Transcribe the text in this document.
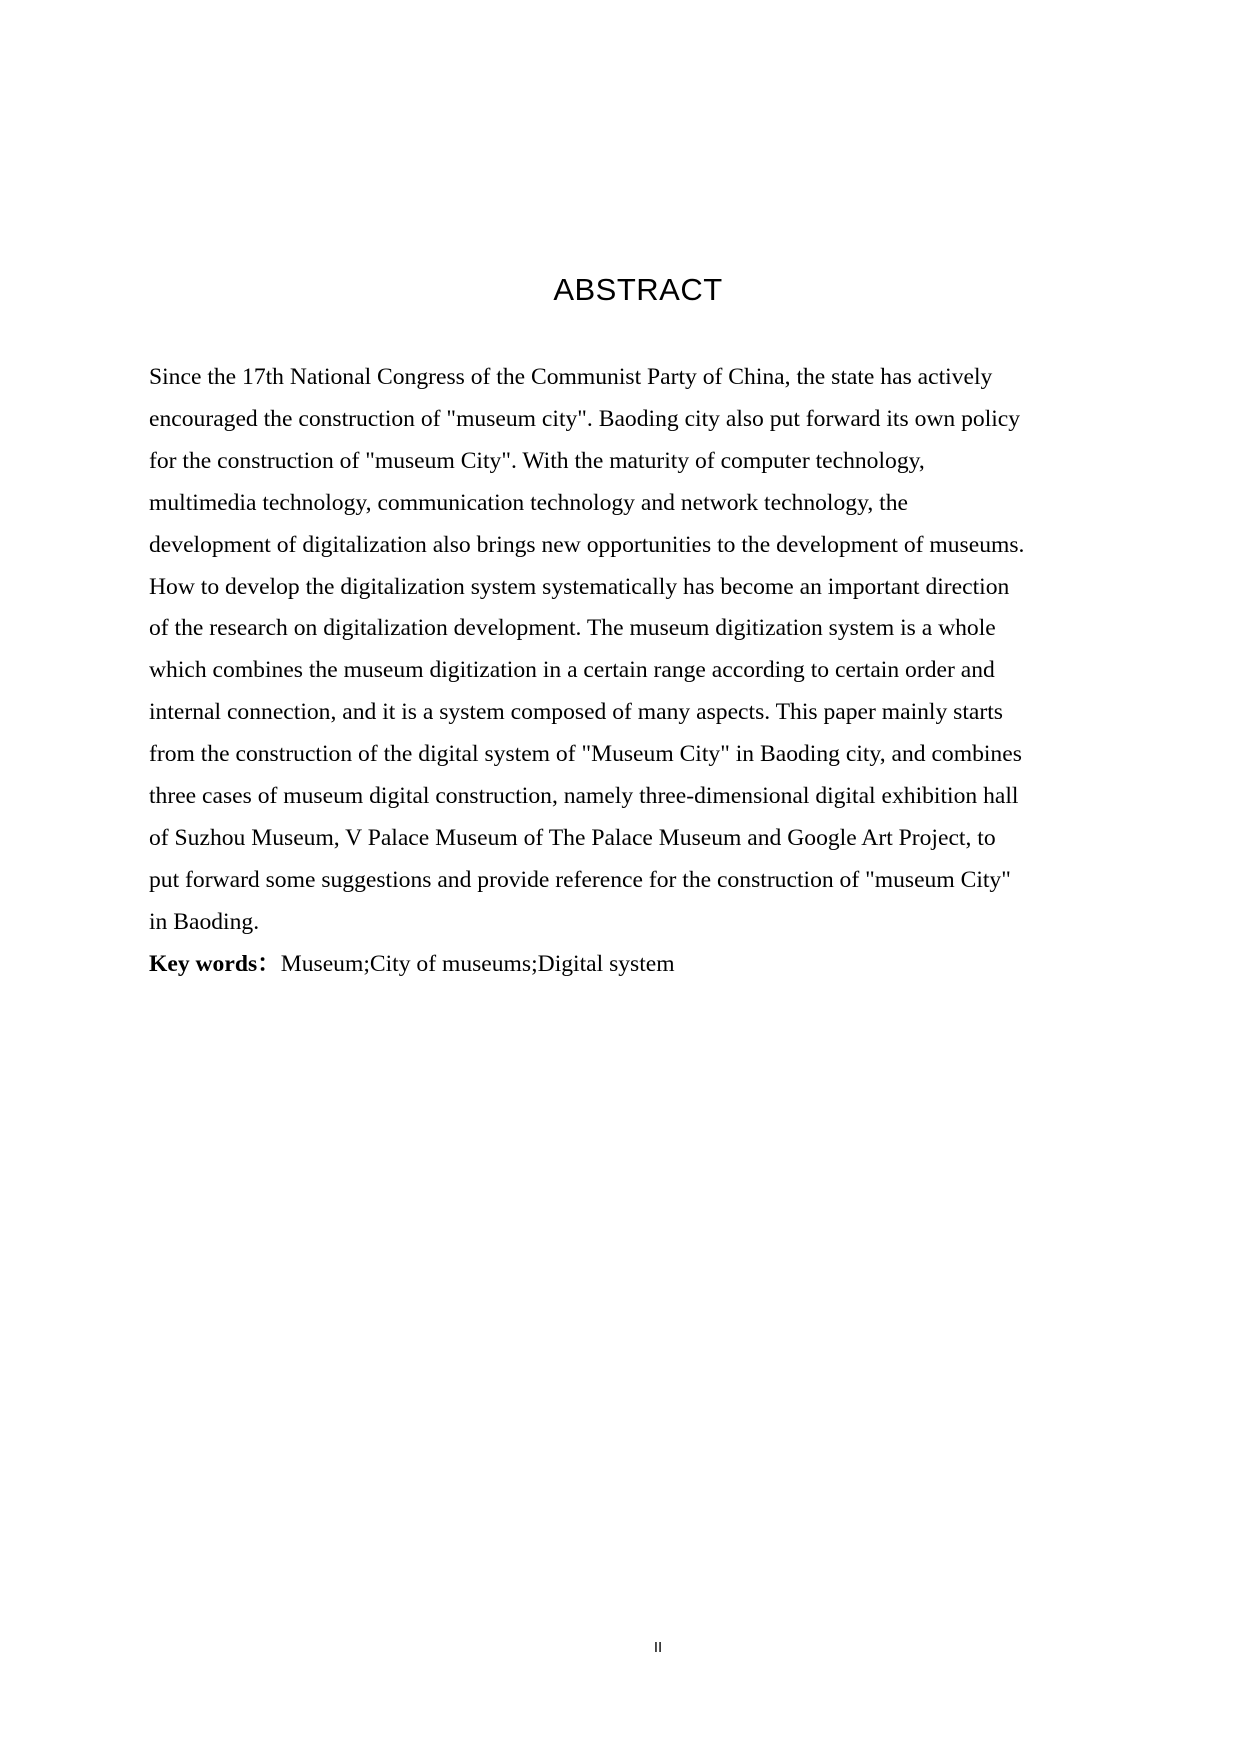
ABSTRACT
Since the 17th National Congress of the Communist Party of China, the state has actively
encouraged the construction of "museum city". Baoding city also put forward its own policy
for the construction of "museum City". With the maturity of computer technology,
multimedia technology, communication technology and network technology, the
development of digitalization also brings new opportunities to the development of museums.
How to develop the digitalization system systematically has become an important direction
of the research on digitalization development. The museum digitization system is a whole
which combines the museum digitization in a certain range according to certain order and
internal connection, and it is a system composed of many aspects. This paper mainly starts
from the construction of the digital system of "Museum City" in Baoding city, and combines
three cases of museum digital construction, namely three-dimensional digital exhibition hall
of Suzhou Museum, V Palace Museum of The Palace Museum and Google Art Project, to
put forward some suggestions and provide reference for the construction of "museum City"
in Baoding.
Key words：Museum;City of museums;Digital system
II
